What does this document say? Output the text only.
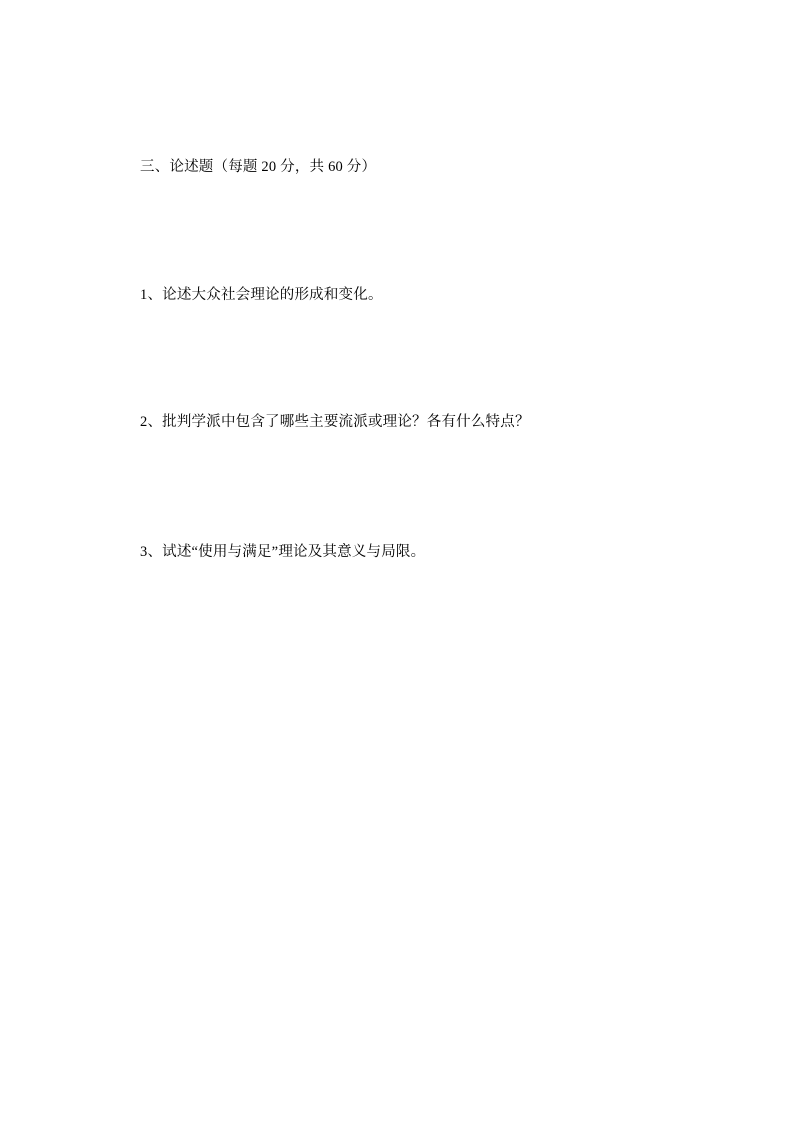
三、论述题（每题 20 分，共 60 分）
1、论述大众社会理论的形成和变化。
2、批判学派中包含了哪些主要流派或理论？各有什么特点？
3、试述“使用与满足”理论及其意义与局限。
